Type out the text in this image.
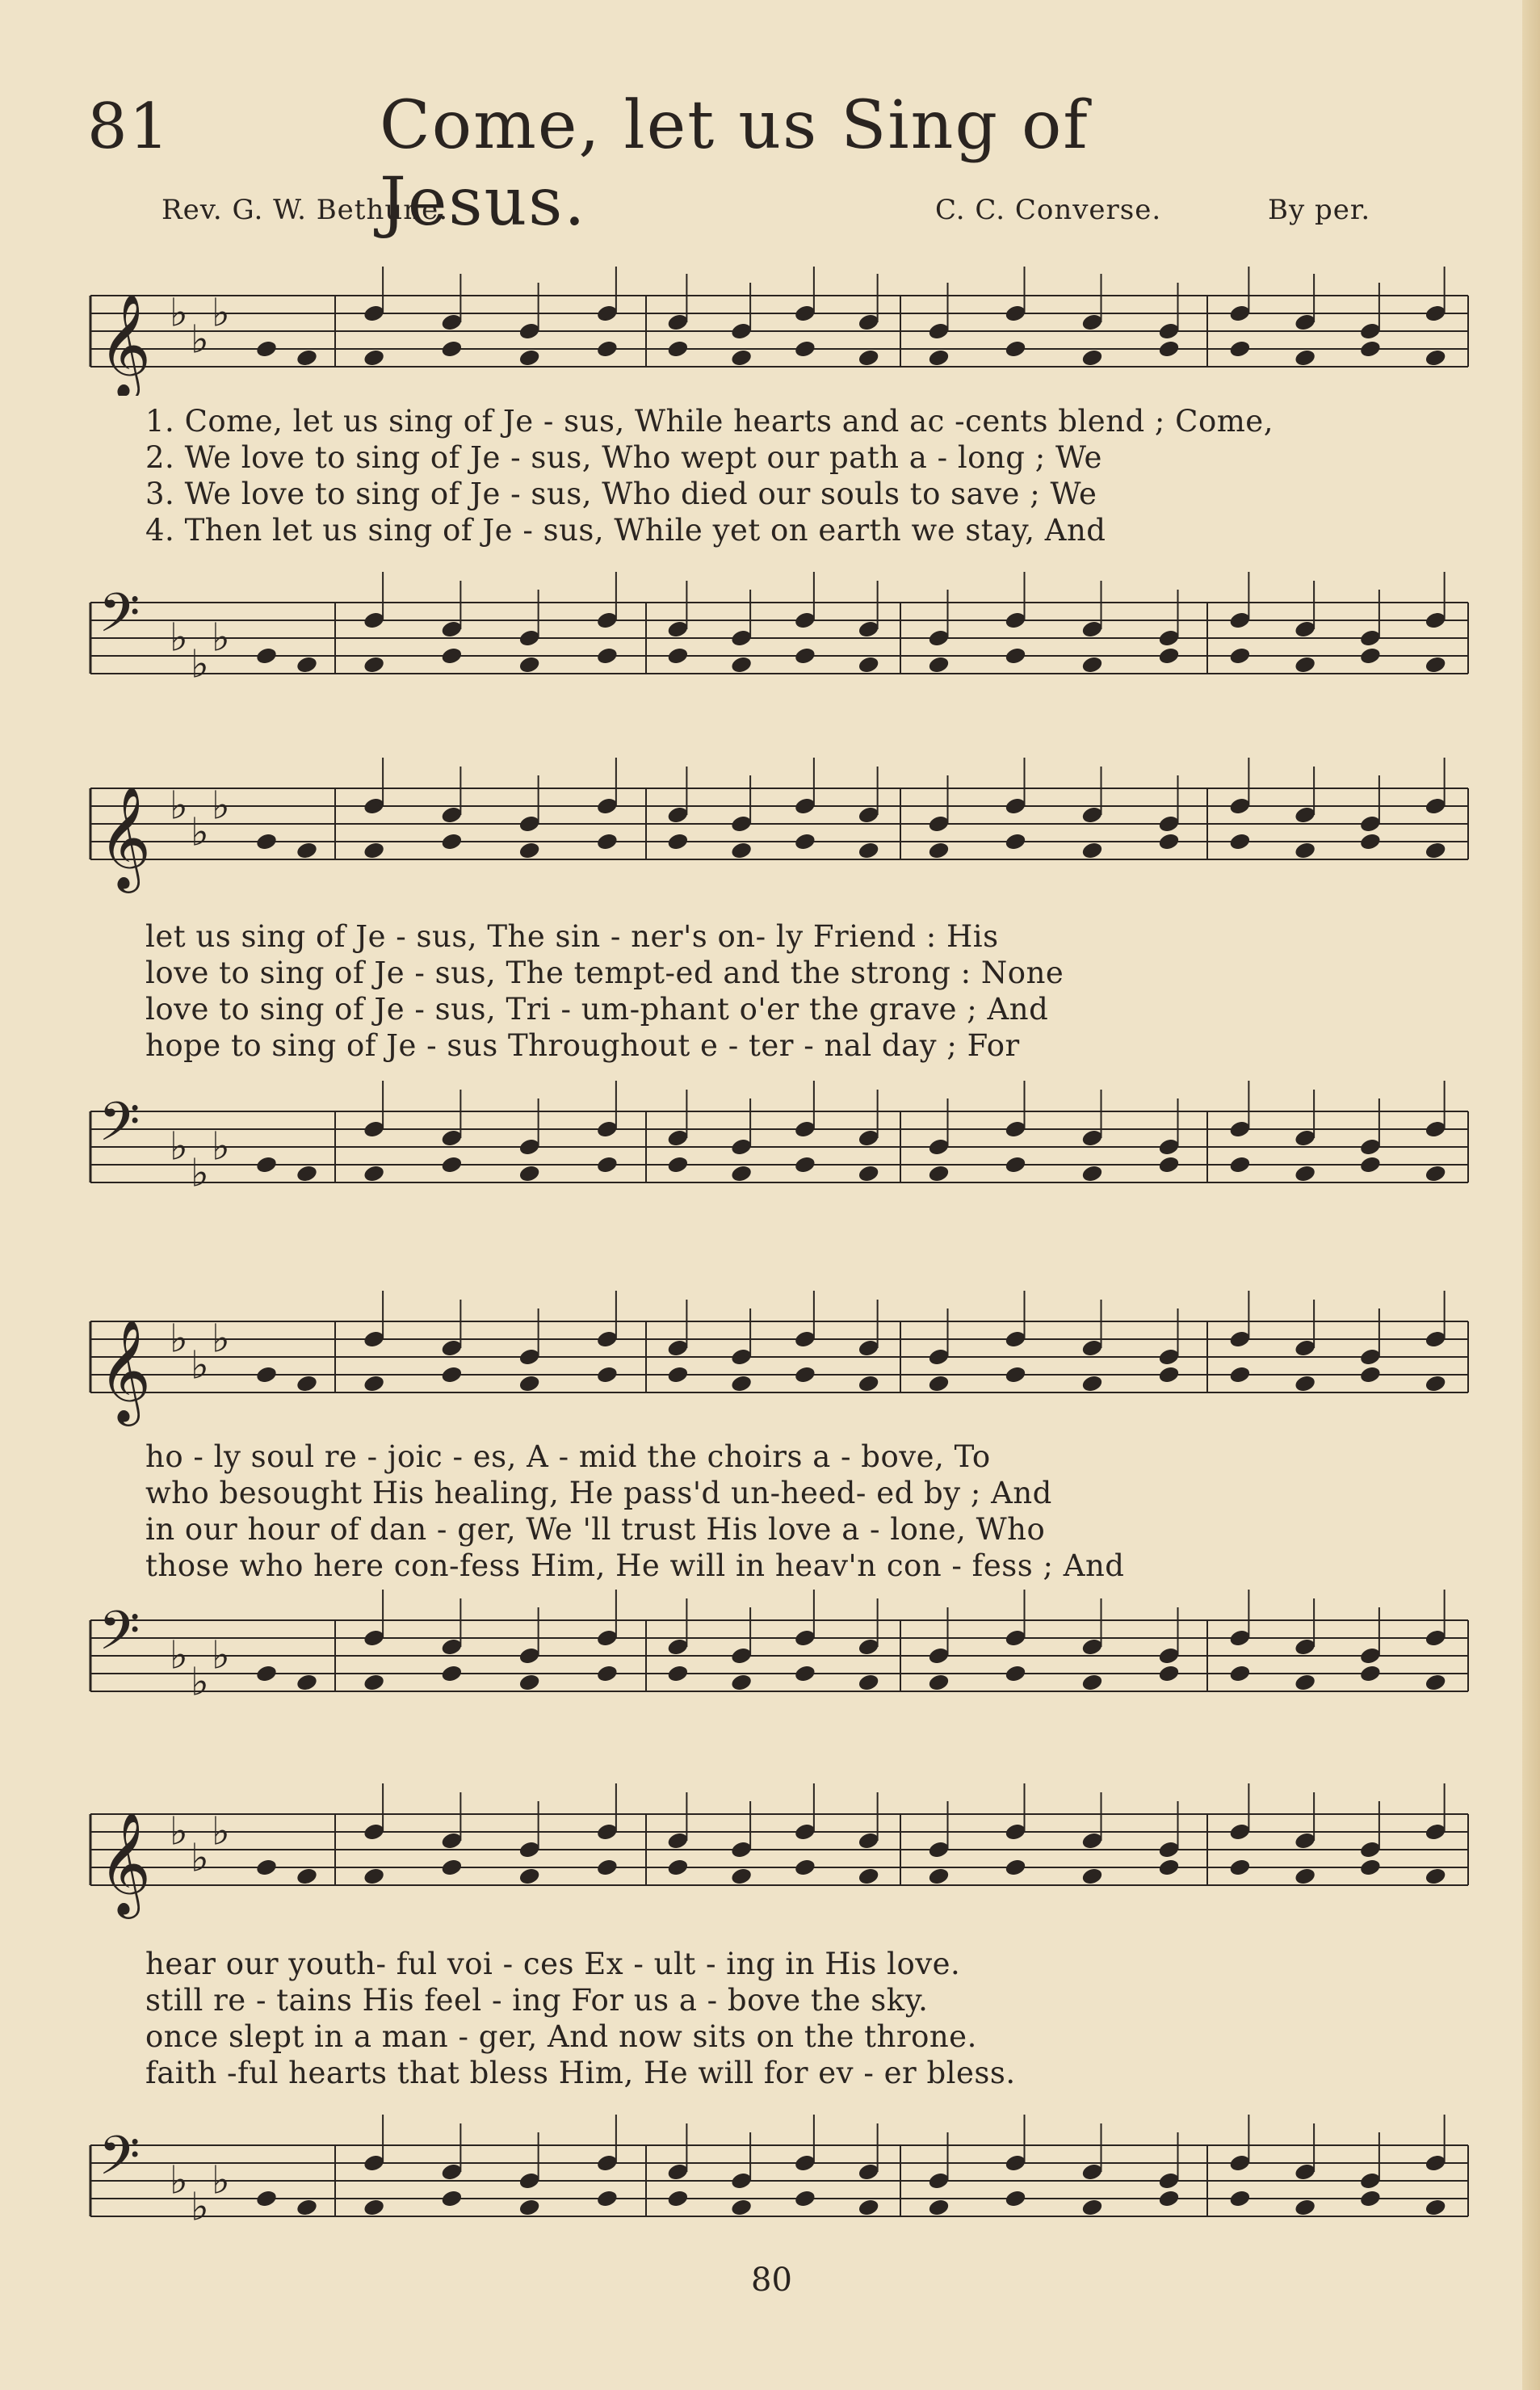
81	Come, let us Sing of Jesus.
Rev. G. W. Bethune.	C. C. Converse.	By per.
𝄞 ♭
♭
♭
1. Come, let us sing of Je - sus, While hearts and ac -cents blend ; Come,
2. We love to sing of Je - sus, Who wept our path a - long ; We
3. We love to sing of Je - sus, Who died our souls to save ; We
4. Then let us sing of Je - sus, While yet on earth we stay, And
𝄢 ♭
♭
♭
𝄞 ♭
♭
♭
let us sing of Je - sus, The sin - ner's on- ly Friend : His
love to sing of Je - sus, The tempt-ed and the strong : None
love to sing of Je - sus, Tri - um-phant o'er the grave ; And
hope to sing of Je - sus Throughout e - ter - nal day ; For
𝄢 ♭
♭
♭
𝄞 ♭
♭
♭
ho - ly soul re - joic - es, A - mid the choirs a - bove, To
who besought His healing, He pass'd un-heed- ed by ; And
in our hour of dan - ger, We 'll trust His love a - lone, Who
those who here con-fess Him, He will in heav'n con - fess ; And
𝄢 ♭
♭
♭
𝄞 ♭
♭
♭
hear our youth- ful voi - ces Ex - ult - ing in His love.
still re - tains His feel - ing For us a - bove the sky.
once slept in a man - ger, And now sits on the throne.
faith -ful hearts that bless Him, He will for ev - er bless.
𝄢 ♭
♭
♭
80
